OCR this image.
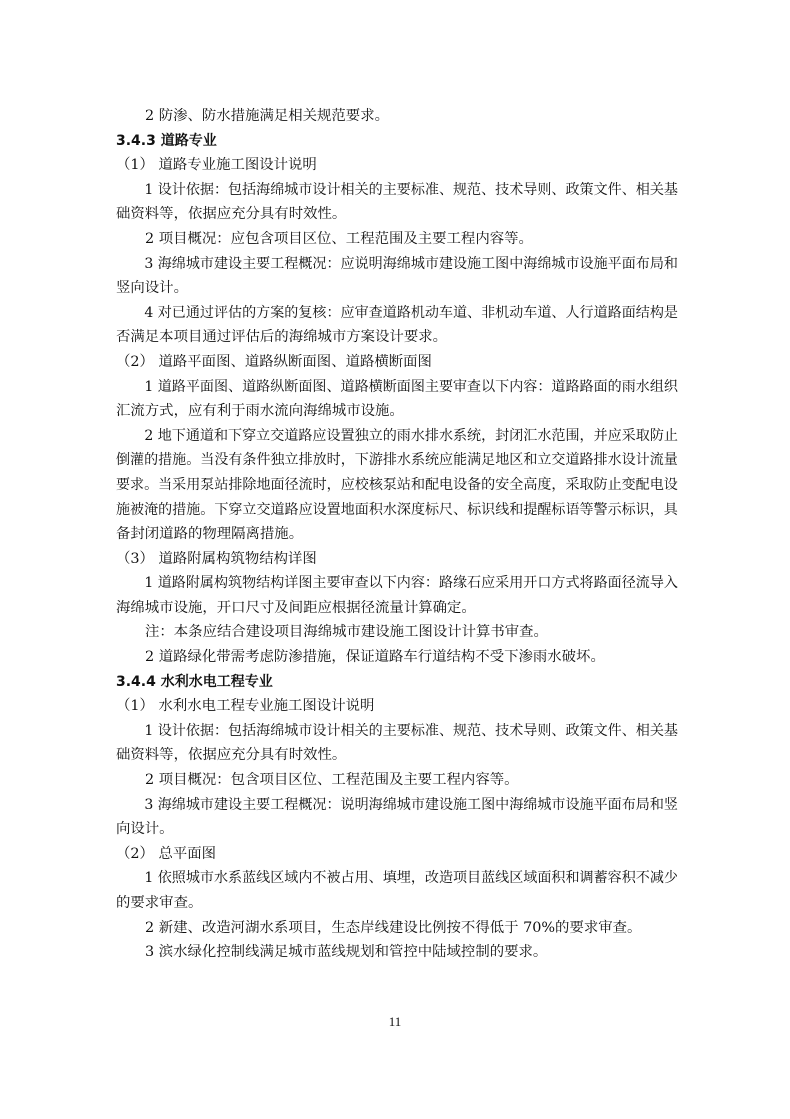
2 防渗、防水措施满足相关规范要求。
3.4.3 道路专业
（1） 道路专业施工图设计说明
1 设计依据：包括海绵城市设计相关的主要标准、规范、技术导则、政策文件、相关基
础资料等，依据应充分具有时效性。
2 项目概况：应包含项目区位、工程范围及主要工程内容等。
3 海绵城市建设主要工程概况：应说明海绵城市建设施工图中海绵城市设施平面布局和
竖向设计。
4 对已通过评估的方案的复核：应审查道路机动车道、非机动车道、人行道路面结构是
否满足本项目通过评估后的海绵城市方案设计要求。
（2） 道路平面图、道路纵断面图、道路横断面图
1 道路平面图、道路纵断面图、道路横断面图主要审查以下内容：道路路面的雨水组织
汇流方式，应有利于雨水流向海绵城市设施。
2 地下通道和下穿立交道路应设置独立的雨水排水系统，封闭汇水范围，并应采取防止
倒灌的措施。当没有条件独立排放时，下游排水系统应能满足地区和立交道路排水设计流量
要求。当采用泵站排除地面径流时，应校核泵站和配电设备的安全高度，采取防止变配电设
施被淹的措施。下穿立交道路应设置地面积水深度标尺、标识线和提醒标语等警示标识，具
备封闭道路的物理隔离措施。
（3） 道路附属构筑物结构详图
1 道路附属构筑物结构详图主要审查以下内容：路缘石应采用开口方式将路面径流导入
海绵城市设施，开口尺寸及间距应根据径流量计算确定。
注：本条应结合建设项目海绵城市建设施工图设计计算书审查。
2 道路绿化带需考虑防渗措施，保证道路车行道结构不受下渗雨水破坏。
3.4.4 水利水电工程专业
（1） 水利水电工程专业施工图设计说明
1 设计依据：包括海绵城市设计相关的主要标准、规范、技术导则、政策文件、相关基
础资料等，依据应充分具有时效性。
2 项目概况：包含项目区位、工程范围及主要工程内容等。
3 海绵城市建设主要工程概况：说明海绵城市建设施工图中海绵城市设施平面布局和竖
向设计。
（2） 总平面图
1 依照城市水系蓝线区域内不被占用、填埋，改造项目蓝线区域面积和调蓄容积不减少
的要求审查。
2 新建、改造河湖水系项目，生态岸线建设比例按不得低于 70%的要求审查。
3 滨水绿化控制线满足城市蓝线规划和管控中陆域控制的要求。
11
